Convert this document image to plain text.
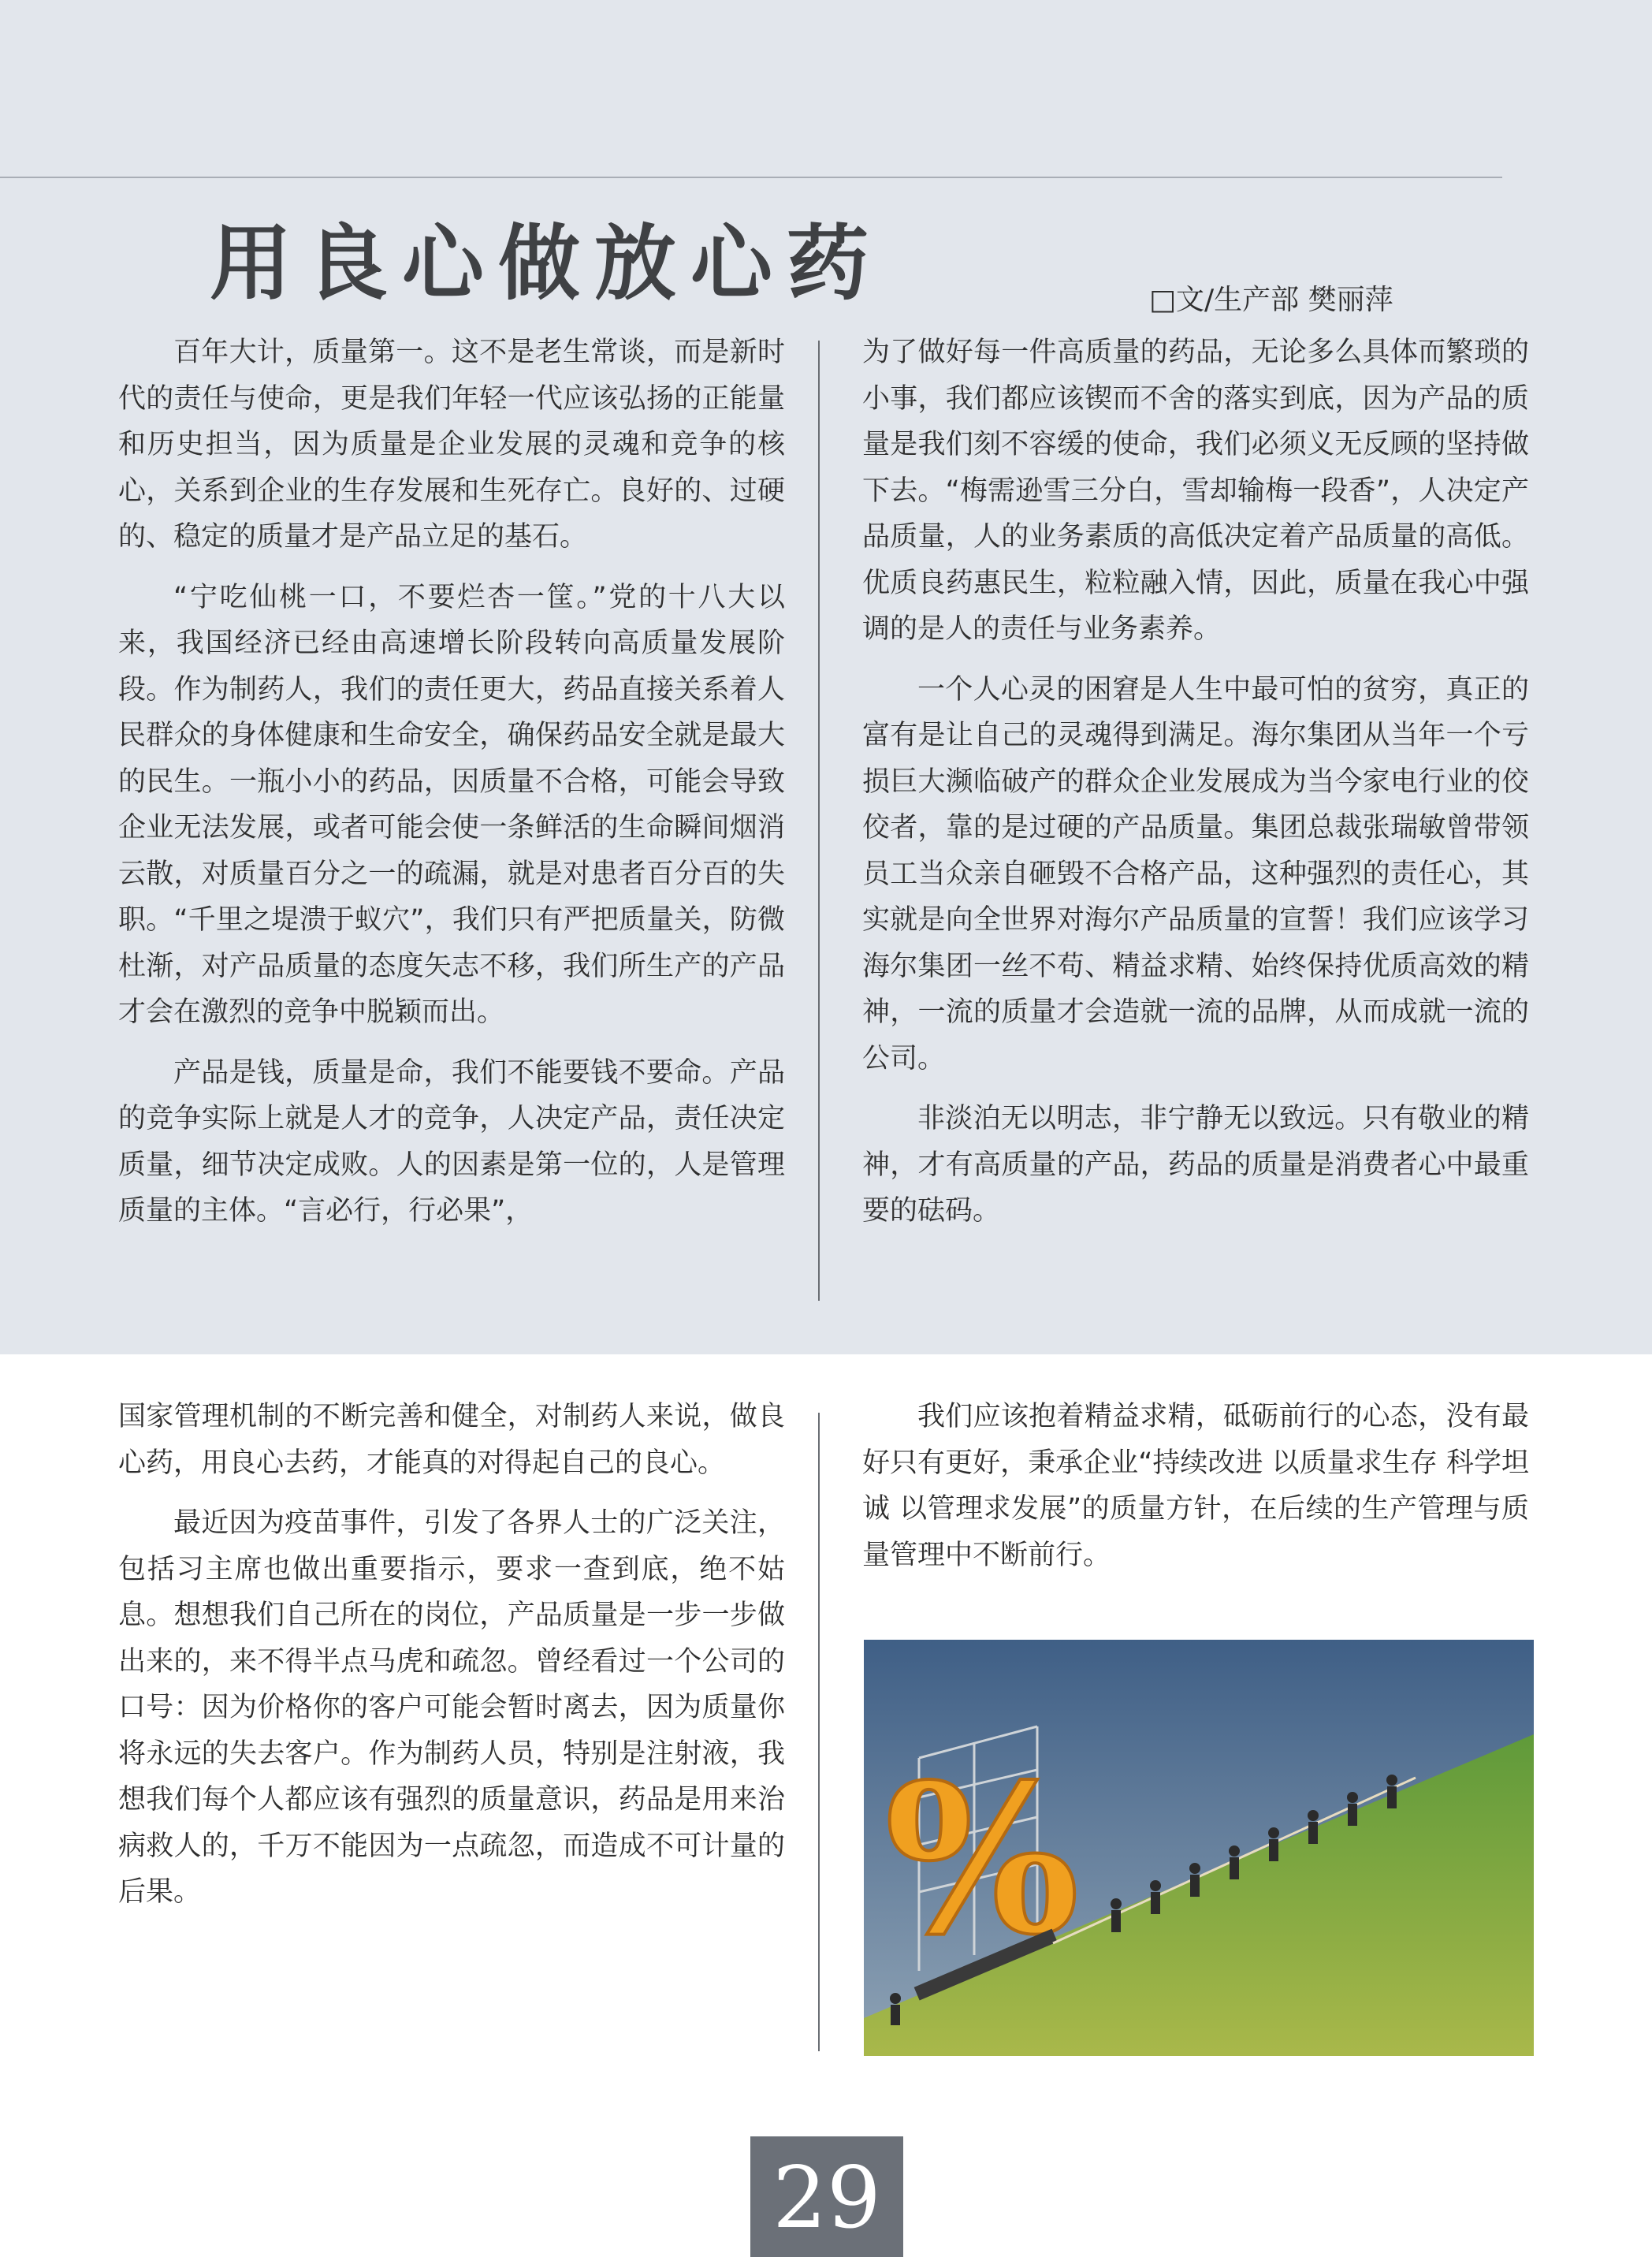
用良心做放心药	□文/生产部 樊丽萍

百年大计，质量第一。这不是老生常谈，而是新时代的责任与使命，更是我们年轻一代应该弘扬的正能量和历史担当，因为质量是企业发展的灵魂和竞争的核心，关系到企业的生存发展和生死存亡。良好的、过硬的、稳定的质量才是产品立足的基石。

“宁吃仙桃一口，不要烂杏一筐。”党的十八大以来，我国经济已经由高速增长阶段转向高质量发展阶段。作为制药人，我们的责任更大，药品直接关系着人民群众的身体健康和生命安全，确保药品安全就是最大的民生。一瓶小小的药品，因质量不合格，可能会导致企业无法发展，或者可能会使一条鲜活的生命瞬间烟消云散，对质量百分之一的疏漏，就是对患者百分百的失职。“千里之堤溃于蚁穴”，我们只有严把质量关，防微杜渐，对产品质量的态度矢志不移，我们所生产的产品才会在激烈的竞争中脱颖而出。

产品是钱，质量是命，我们不能要钱不要命。产品的竞争实际上就是人才的竞争，人决定产品，责任决定质量，细节决定成败。人的因素是第一位的，人是管理质量的主体。“言必行，行必果”，

为了做好每一件高质量的药品，无论多么具体而繁琐的小事，我们都应该锲而不舍的落实到底，因为产品的质量是我们刻不容缓的使命，我们必须义无反顾的坚持做下去。“梅需逊雪三分白，雪却输梅一段香”，人决定产品质量，人的业务素质的高低决定着产品质量的高低。优质良药惠民生，粒粒融入情，因此，质量在我心中强调的是人的责任与业务素养。

一个人心灵的困窘是人生中最可怕的贫穷，真正的富有是让自己的灵魂得到满足。海尔集团从当年一个亏损巨大濒临破产的群众企业发展成为当今家电行业的佼佼者，靠的是过硬的产品质量。集团总裁张瑞敏曾带领员工当众亲自砸毁不合格产品，这种强烈的责任心，其实就是向全世界对海尔产品质量的宣誓！我们应该学习海尔集团一丝不苟、精益求精、始终保持优质高效的精神，一流的质量才会造就一流的品牌，从而成就一流的公司。

非淡泊无以明志，非宁静无以致远。只有敬业的精神，才有高质量的产品，药品的质量是消费者心中最重要的砝码。

国家管理机制的不断完善和健全，对制药人来说，做良心药，用良心去药，才能真的对得起自己的良心。

最近因为疫苗事件，引发了各界人士的广泛关注，包括习主席也做出重要指示，要求一查到底，绝不姑息。想想我们自己所在的岗位，产品质量是一步一步做出来的，来不得半点马虎和疏忽。曾经看过一个公司的口号：因为价格你的客户可能会暂时离去，因为质量你将永远的失去客户。作为制药人员，特别是注射液，我想我们每个人都应该有强烈的质量意识，药品是用来治病救人的，千万不能因为一点疏忽，而造成不可计量的后果。

我们应该抱着精益求精，砥砺前行的心态，没有最好只有更好，秉承企业“持续改进 以质量求生存 科学坦诚 以管理求发展”的质量方针，在后续的生产管理与质量管理中不断前行。

%
29
